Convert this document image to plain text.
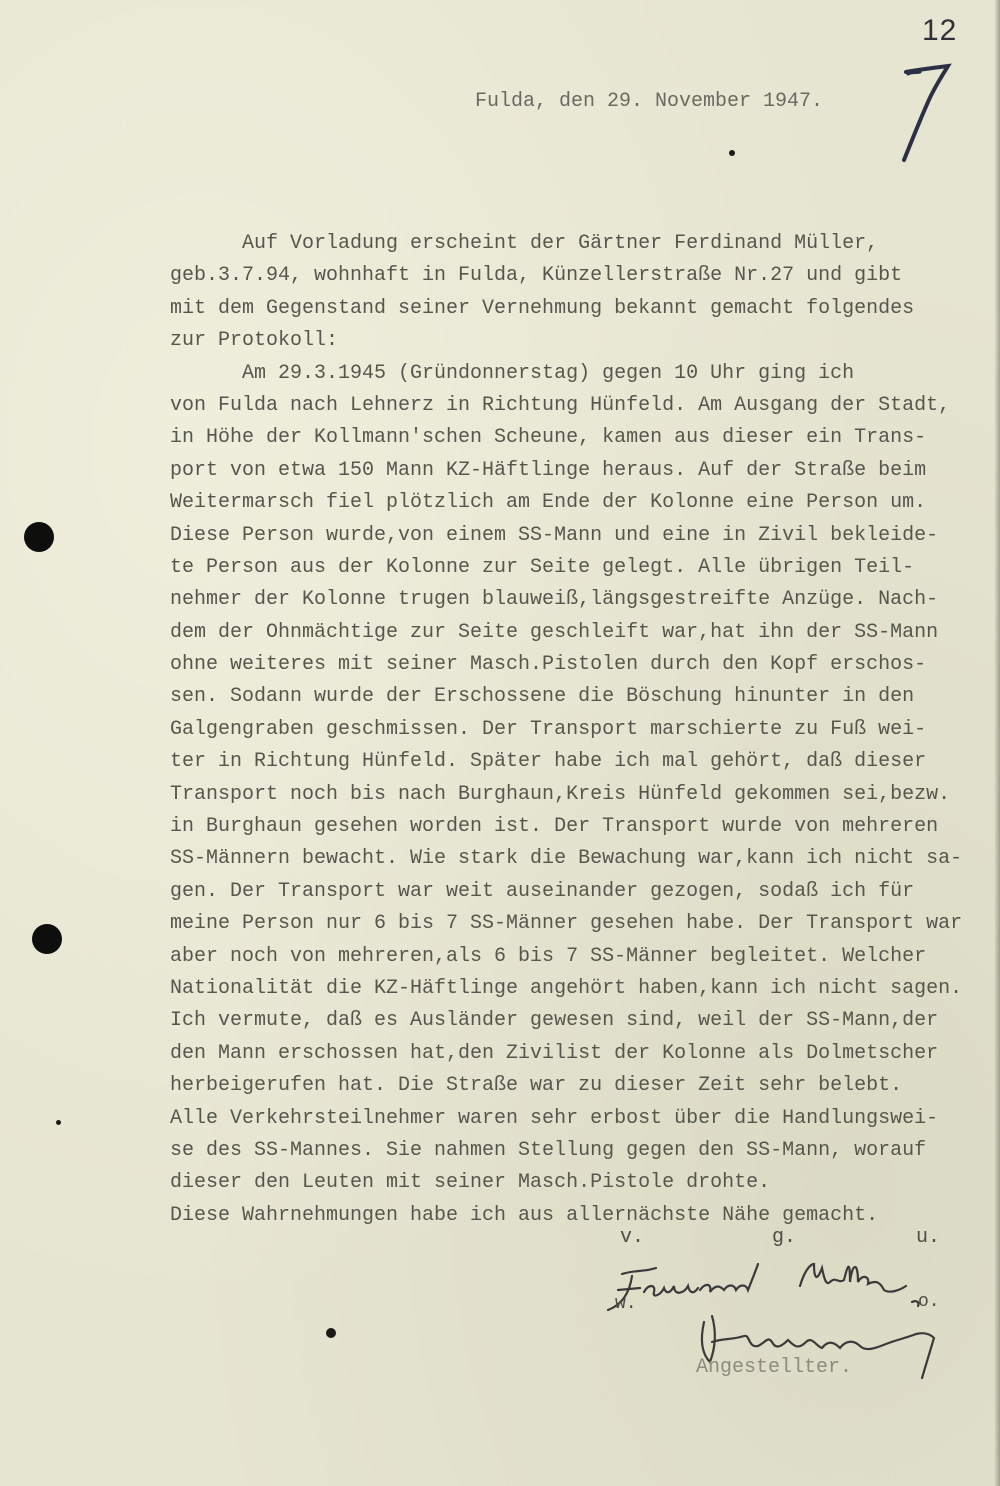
12
Fulda, den 29. November 1947.
Auf Vorladung erscheint der Gärtner Ferdinand Müller,
geb.3.7.94, wohnhaft in Fulda, Künzellerstraße Nr.27 und gibt
mit dem Gegenstand seiner Vernehmung bekannt gemacht folgendes
zur Protokoll:
Am 29.3.1945 (Gründonnerstag) gegen 10 Uhr ging ich
von Fulda nach Lehnerz in Richtung Hünfeld. Am Ausgang der Stadt,
in Höhe der Kollmann'schen Scheune, kamen aus dieser ein Trans-
port von etwa 150 Mann KZ-Häftlinge heraus. Auf der Straße beim
Weitermarsch fiel plötzlich am Ende der Kolonne eine Person um.
Diese Person wurde,von einem SS-Mann und eine in Zivil bekleide-
te Person aus der Kolonne zur Seite gelegt. Alle übrigen Teil-
nehmer der Kolonne trugen blauweiß,längsgestreifte Anzüge. Nach-
dem der Ohnmächtige zur Seite geschleift war,hat ihn der SS-Mann
ohne weiteres mit seiner Masch.Pistolen durch den Kopf erschos-
sen. Sodann wurde der Erschossene die Böschung hinunter in den
Galgengraben geschmissen. Der Transport marschierte zu Fuß wei-
ter in Richtung Hünfeld. Später habe ich mal gehört, daß dieser
Transport noch bis nach Burghaun,Kreis Hünfeld gekommen sei,bezw.
in Burghaun gesehen worden ist. Der Transport wurde von mehreren
SS-Männern bewacht. Wie stark die Bewachung war,kann ich nicht sa-
gen. Der Transport war weit auseinander gezogen, sodaß ich für
meine Person nur 6 bis 7 SS-Männer gesehen habe. Der Transport war
aber noch von mehreren,als 6 bis 7 SS-Männer begleitet. Welcher
Nationalität die KZ-Häftlinge angehört haben,kann ich nicht sagen.
Ich vermute, daß es Ausländer gewesen sind, weil der SS-Mann,der
den Mann erschossen hat,den Zivilist der Kolonne als Dolmetscher
herbeigerufen hat. Die Straße war zu dieser Zeit sehr belebt.
Alle Verkehrsteilnehmer waren sehr erbost über die Handlungswei-
se des SS-Mannes. Sie nahmen Stellung gegen den SS-Mann, worauf
dieser den Leuten mit seiner Masch.Pistole drohte.
Diese Wahrnehmungen habe ich aus allernächste Nähe gemacht.

v.

	g.

	u.

Angestellter.
w.	o.
